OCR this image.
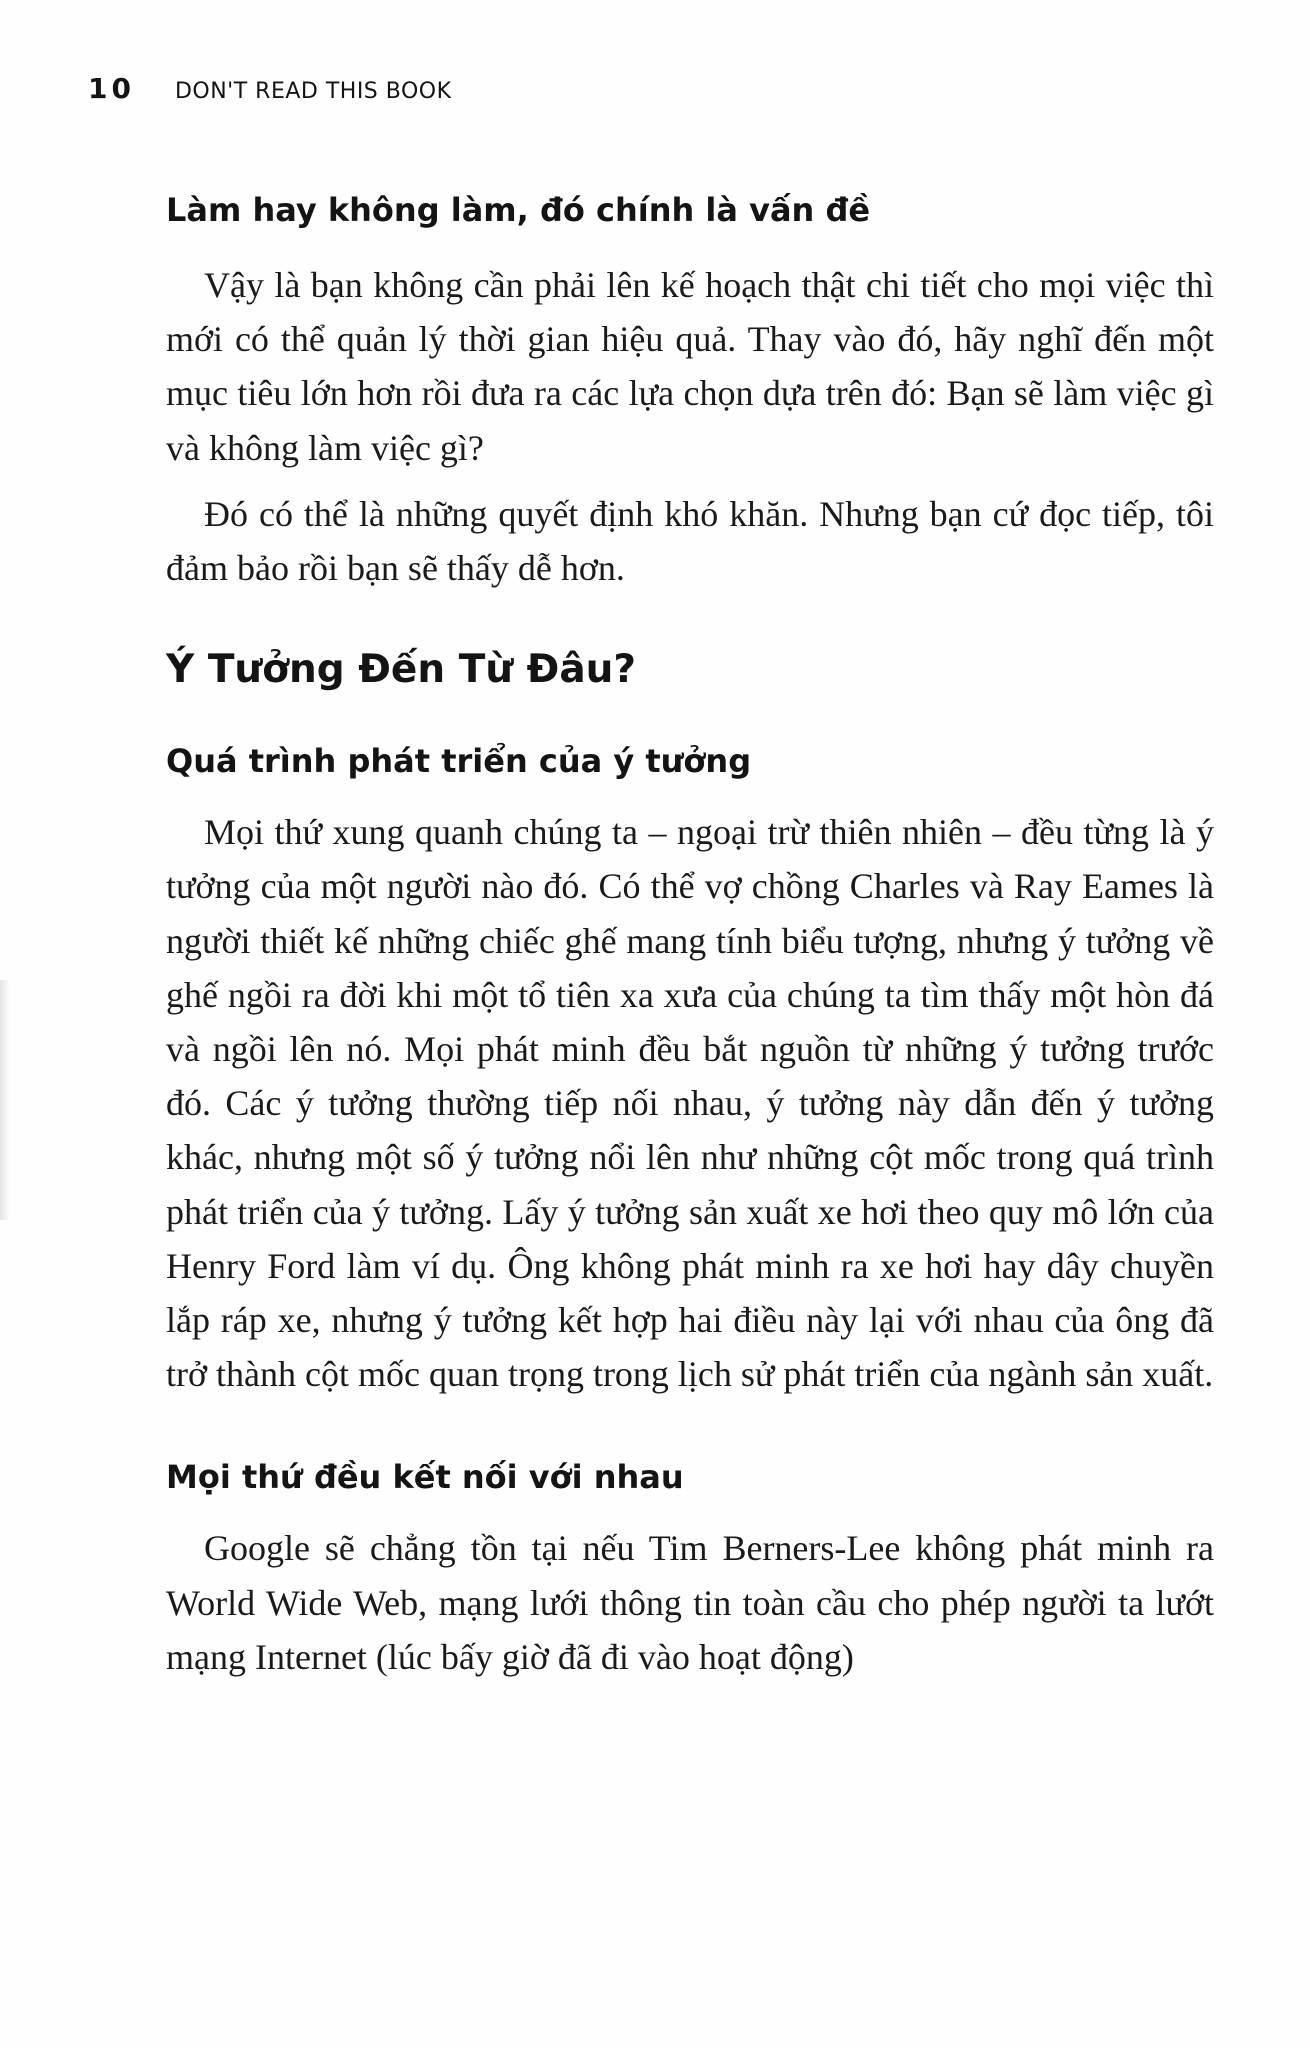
10 DON'T READ THIS BOOK
Làm hay không làm, đó chính là vấn đề

Vậy là bạn không cần phải lên kế hoạch thật chi tiết cho mọi việc thì mới có thể quản lý thời gian hiệu quả. Thay vào đó, hãy nghĩ đến một mục tiêu lớn hơn rồi đưa ra các lựa chọn dựa trên đó: Bạn sẽ làm việc gì và không làm việc gì?

Đó có thể là những quyết định khó khăn. Nhưng bạn cứ đọc tiếp, tôi đảm bảo rồi bạn sẽ thấy dễ hơn.

Ý Tưởng Đến Từ Đâu?
Quá trình phát triển của ý tưởng

Mọi thứ xung quanh chúng ta – ngoại trừ thiên nhiên – đều từng là ý tưởng của một người nào đó. Có thể vợ chồng Charles và Ray Eames là người thiết kế những chiếc ghế mang tính biểu tượng, nhưng ý tưởng về ghế ngồi ra đời khi một tổ tiên xa xưa của chúng ta tìm thấy một hòn đá và ngồi lên nó. Mọi phát minh đều bắt nguồn từ những ý tưởng trước đó. Các ý tưởng thường tiếp nối nhau, ý tưởng này dẫn đến ý tưởng khác, nhưng một số ý tưởng nổi lên như những cột mốc trong quá trình phát triển của ý tưởng. Lấy ý tưởng sản xuất xe hơi theo quy mô lớn của Henry Ford làm ví dụ. Ông không phát minh ra xe hơi hay dây chuyền lắp ráp xe, nhưng ý tưởng kết hợp hai điều này lại với nhau của ông đã trở thành cột mốc quan trọng trong lịch sử phát triển của ngành sản xuất.

Mọi thứ đều kết nối với nhau

Google sẽ chẳng tồn tại nếu Tim Berners-Lee không phát minh ra World Wide Web, mạng lưới thông tin toàn cầu cho phép người ta lướt mạng Internet (lúc bấy giờ đã đi vào hoạt động)
